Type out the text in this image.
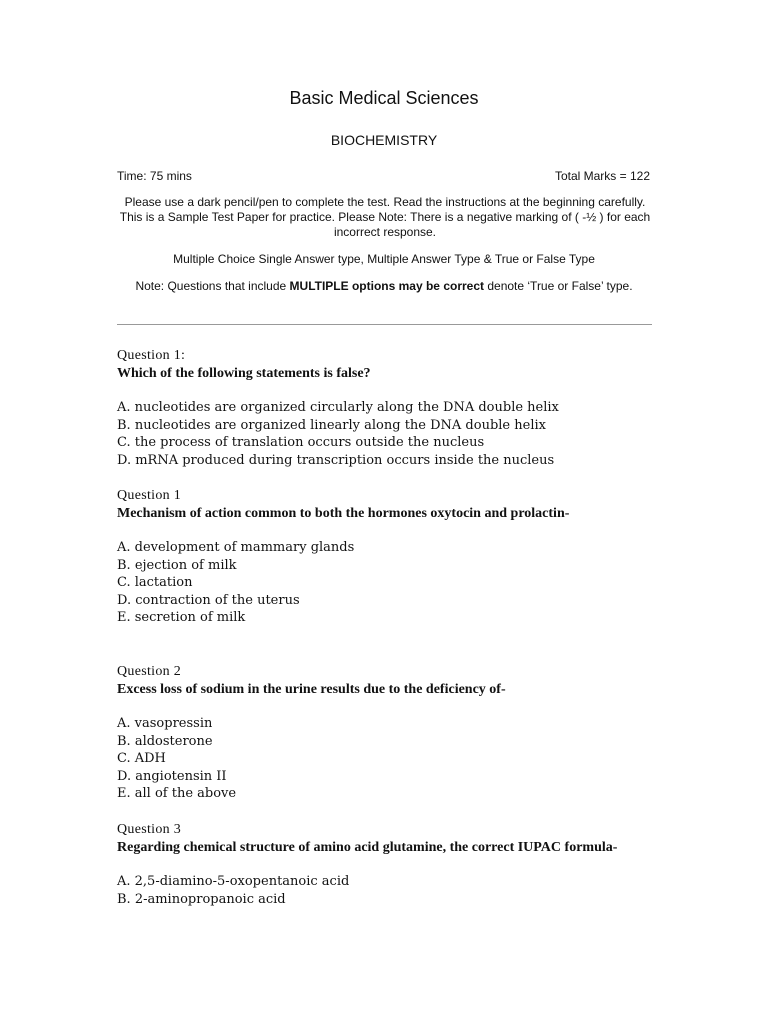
Basic Medical Sciences
BIOCHEMISTRY
Time: 75 mins	Total Marks = 122
Please use a dark pencil/pen to complete the test. Read the instructions at the beginning carefully. This is a Sample Test Paper for practice. Please Note: There is a negative marking of ( -½ ) for each incorrect response.
Multiple Choice Single Answer type, Multiple Answer Type & True or False Type
Note: Questions that include MULTIPLE options may be correct denote ‘True or False’ type.
Question 1:
Which of the following statements is false?
A. nucleotides are organized circularly along the DNA double helix
B. nucleotides are organized linearly along the DNA double helix
C. the process of translation occurs outside the nucleus
D. mRNA produced during transcription occurs inside the nucleus
Question 1
Mechanism of action common to both the hormones oxytocin and prolactin-
A. development of mammary glands
B. ejection of milk
C. lactation
D. contraction of the uterus
E. secretion of milk
Question 2
Excess loss of sodium in the urine results due to the deficiency of-
A. vasopressin
B. aldosterone
C. ADH
D. angiotensin II
E. all of the above
Question 3
Regarding chemical structure of amino acid glutamine, the correct IUPAC formula-
A. 2,5-diamino-5-oxopentanoic acid
B. 2-aminopropanoic acid
